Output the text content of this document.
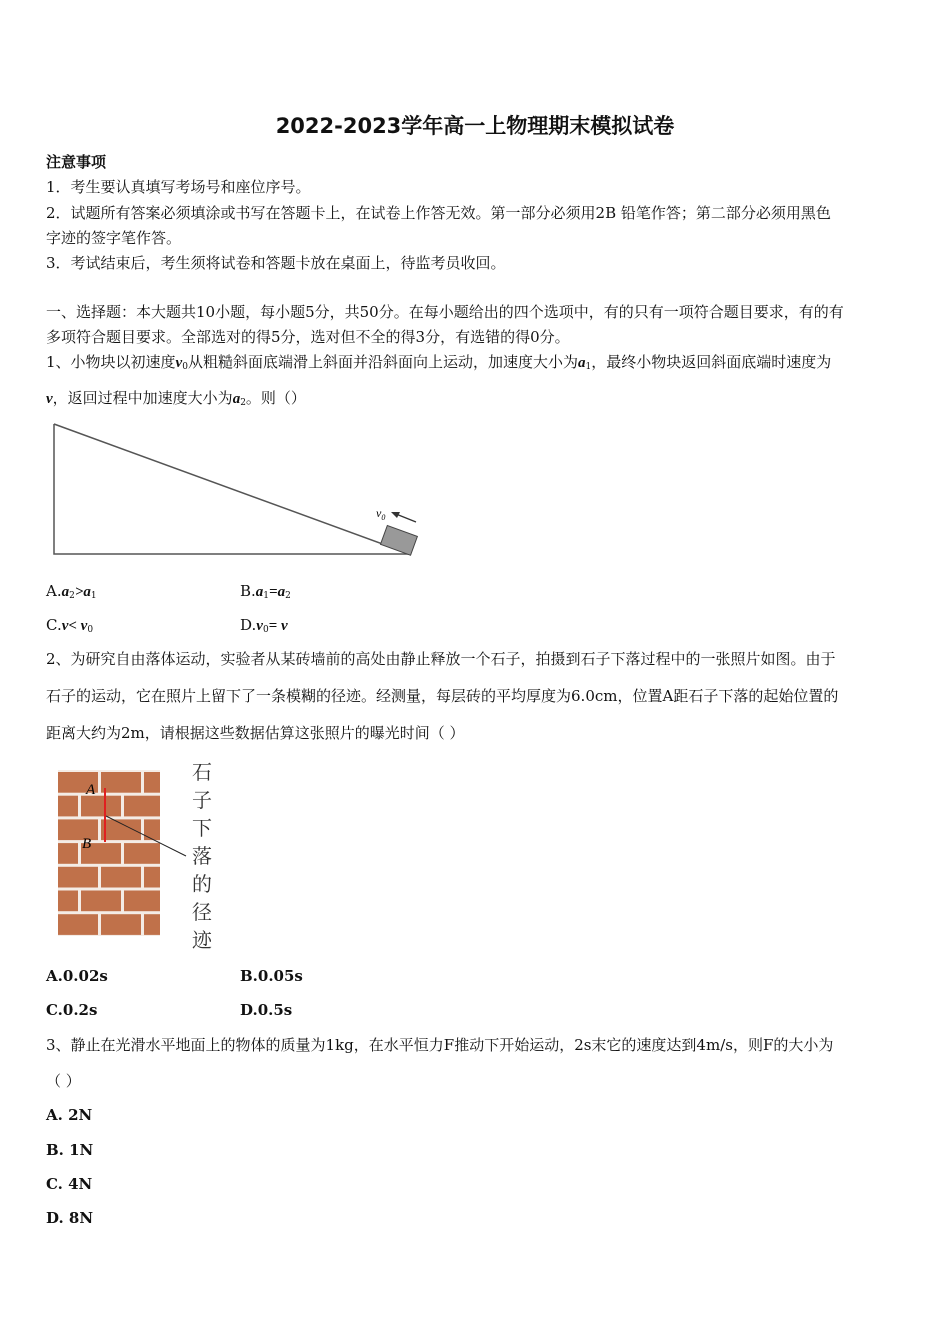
2022-2023学年高一上物理期末模拟试卷
注意事项
1．考生要认真填写考场号和座位序号。
2．试题所有答案必须填涂或书写在答题卡上，在试卷上作答无效。第一部分必须用2B 铅笔作答；第二部分必须用黑色
字迹的签字笔作答。
3．考试结束后，考生须将试卷和答题卡放在桌面上，待监考员收回。
一、选择题：本大题共10小题，每小题5分，共50分。在每小题给出的四个选项中，有的只有一项符合题目要求，有的有
多项符合题目要求。全部选对的得5分，选对但不全的得3分，有选错的得0分。
1、小物块以初速度$v_0$从粗糙斜面底端滑上斜面并沿斜面向上运动，加速度大小为$a_1$，最终小物块返回斜面底端时速度为
v，返回过程中加速度大小为$a_2$。则（）
$v_0$
$A.a_2>a_1$	$B.a_1=a_2$
$C.v< v_0$	$D.v_0= v$
2、为研究自由落体运动，实验者从某砖墙前的高处由静止释放一个石子，拍摄到石子下落过程中的一张照片如图。由于
石子的运动，它在照片上留下了一条模糊的径迹。经测量，每层砖的平均厚度为6.0cm，位置A距石子下落的起始位置的
距离大约为2m，请根据这些数据估算这张照片的曝光时间（ ）
A
B
石
子
下
落
的
径
迹
A.0.02s	B.0.05s
C.0.2s	D.0.5s
3、静止在光滑水平地面上的物体的质量为1kg，在水平恒力F推动下开始运动，2s末它的速度达到4m/s，则F的大小为
（ ）
A. 2N
B. 1N
C. 4N
D. 8N
